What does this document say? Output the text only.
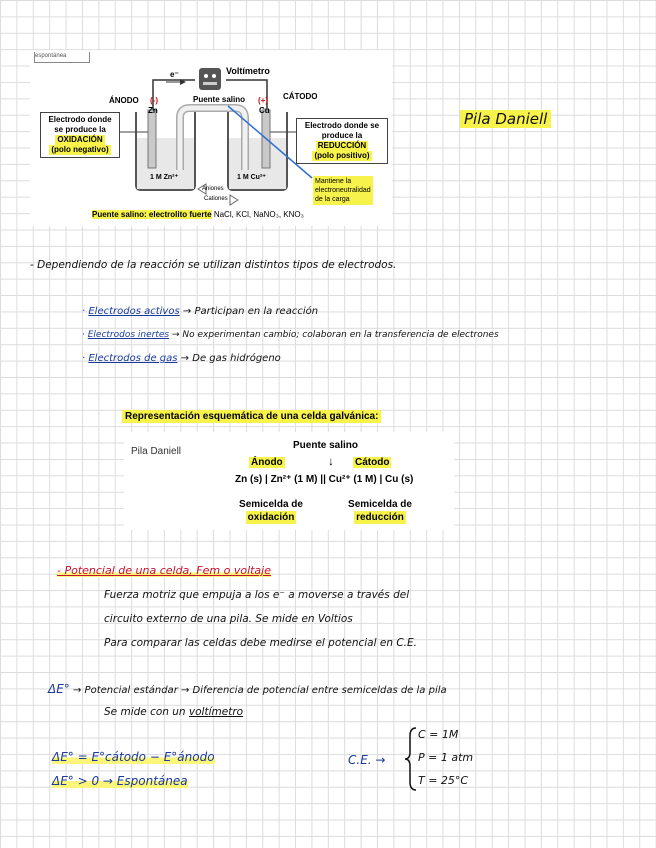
espontánea
Voltímetro
e⁻
ÁNODO (-)	CÁTODO
(+)
Puente salino
Zn	Cu
1 M Zn²⁺	1 M Cu²⁺
Aniones
Cationes
Electrodo donde
se produce la
OXIDACIÓN (polo negativo)
Electrodo donde se
produce la
REDUCCIÓN (polo positivo)
Mantiene la
electroneutralidad
de la carga
Puente salino: electrolito fuerte NaCl, KCl, NaNO₃, KNO₃
Pila Daniell
- Dependiendo de la reacción se utilizan distintos tipos de electrodos.
· Electrodos activos → Participan en la reacción
· Electrodos inertes → No experimentan cambio; colaboran en la transferencia de electrones
· Electrodos de gas → De gas hidrógeno
Representación esquemática de una celda galvánica:
Pila Daniell
Puente salino
Ánodo	↓ Cátodo
Zn (s) | Zn²⁺ (1 M) || Cu²⁺ (1 M) | Cu (s)
Semicelda de
oxidación
Semicelda de
reducción
- Potencial de una celda, Fem o voltaje
Fuerza motriz que empuja a los e⁻ a moverse a través del
circuito externo de una pila. Se mide en Voltios
Para comparar las celdas debe medirse el potencial en C.E.
ΔE° → Potencial estándar → Diferencia de potencial entre semiceldas de la pila
Se mide con un voltímetro
ΔE° = E°cátodo − E°ánodo
ΔE° > 0 → Espontánea
C.E. →
C = 1M
P = 1 atm
T = 25°C
